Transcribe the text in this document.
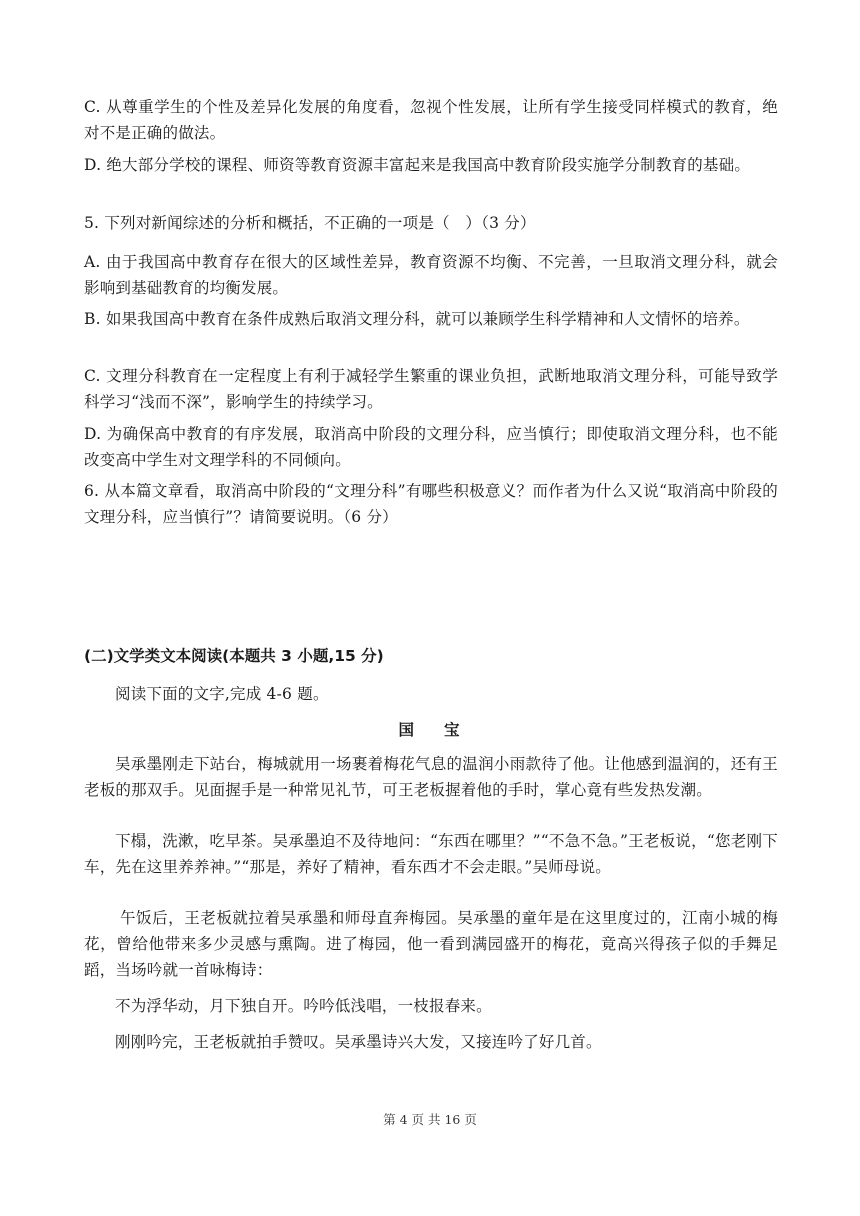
C. 从尊重学生的个性及差异化发展的角度看，忽视个性发展，让所有学生接受同样模式的教育，绝对不是正确的做法。

D. 绝大部分学校的课程、师资等教育资源丰富起来是我国高中教育阶段实施学分制教育的基础。

5. 下列对新闻综述的分析和概括，不正确的一项是（　）（3 分）

A. 由于我国高中教育存在很大的区域性差异，教育资源不均衡、不完善，一旦取消文理分科，就会影响到基础教育的均衡发展。

B. 如果我国高中教育在条件成熟后取消文理分科，就可以兼顾学生科学精神和人文情怀的培养。

C. 文理分科教育在一定程度上有利于减轻学生繁重的课业负担，武断地取消文理分科，可能导致学科学习“浅而不深”，影响学生的持续学习。

D. 为确保高中教育的有序发展，取消高中阶段的文理分科，应当慎行；即使取消文理分科，也不能改变高中学生对文理学科的不同倾向。

6. 从本篇文章看，取消高中阶段的“文理分科”有哪些积极意义？而作者为什么又说“取消高中阶段的文理分科，应当慎行”？请简要说明。（6 分）

(二)文学类文本阅读(本题共 3 小题,15 分)

阅读下面的文字,完成 4-6 题。

国宝

吴承墨刚走下站台，梅城就用一场裹着梅花气息的温润小雨款待了他。让他感到温润的，还有王老板的那双手。见面握手是一种常见礼节，可王老板握着他的手时，掌心竟有些发热发潮。

下榻，洗漱，吃早茶。吴承墨迫不及待地问：“东西在哪里？”“不急不急。”王老板说，“您老刚下车，先在这里养养神。”“那是，养好了精神，看东西才不会走眼。”吴师母说。

午饭后，王老板就拉着吴承墨和师母直奔梅园。吴承墨的童年是在这里度过的，江南小城的梅花，曾给他带来多少灵感与熏陶。进了梅园，他一看到满园盛开的梅花，竟高兴得孩子似的手舞足蹈，当场吟就一首咏梅诗：

不为浮华动，月下独自开。吟吟低浅唱，一枝报春来。

刚刚吟完，王老板就拍手赞叹。吴承墨诗兴大发，又接连吟了好几首。

第 4 页 共 16 页
